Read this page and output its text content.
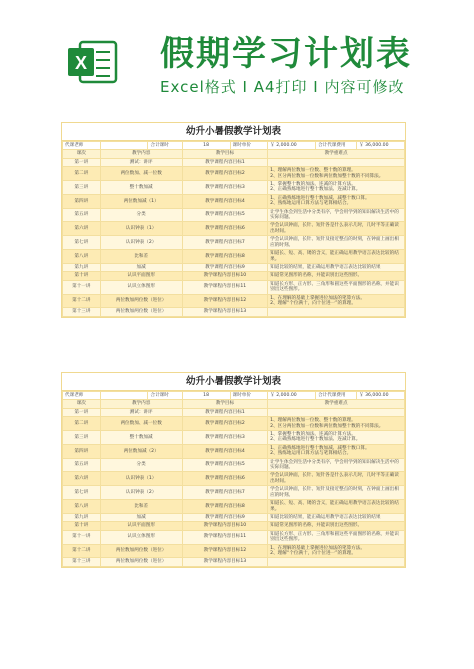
X 假期学习计划表
Excel格式 Ⅰ A4打印 Ⅰ 内容可修改
幼升小暑假教学计划表
代课老师		合计课时	18	课时单价	￥ 2,000.00	合计代课费用	￥ 36,000.00
课次	教学内容		教学目标		教学重难点		
第一讲	测试：讲评		教学课程内容目标1				
第二讲	两位数加、减一位数		教学课程内容目标2		1、理解两位数加一位数、整十数的算理。
2、区分两位数加一位数和两位数加整十数的不同算法。		
第三讲	整十数加减		教学课程内容目标3		1、掌握整十数的加法、连减的计算方法。
2、正确熟练地进行整十数加法、连减计算。		
第四讲	两位数加减（1）		教学课程内容目标4		1、正确熟练地进行整十数加减、减整十数口算。
2、熟练地运用口算方法与笔算相结合。		
第五讲	分类		教学课程内容目标5		让学生体会到生活中分类有序，学会用学到的知识解决生活中的实际问题。		
第六讲	认识钟表（1）		教学课程内容目标6		学会认识钟面，长针、短针各是什么表示几时，几时半等正确读出时间。		
第七讲	认识钟表（2）		教学课程内容目标7		学会认识钟面，长针、短针及接近整点的时刻，在钟面上画出相应的时刻。		
第八讲	比和差		教学课程内容目标8		知道长、短、高、矮的含义，能正确运用教学语言表达比较的结果。		
第九讲	加减		教学课程内容目标9		知道比较的结果，能正确运用教学语言表达比较的结果		
第十讲	认识平面图形		教学课程内容目标10		知道常见图形的名称，并能识别出这些图形。		
第十一讲	认识立体图形		教学课程内容目标11		知道长方形、正方形、三角形和圆这些平面图形的名称，并能识别出这些图形。		
第十二讲	两位数加两位数（进位）		教学课程内容目标12		1、在理解的基础上掌握进位加法的笔算方法。
2、理解“个位满十，向十位进一”的算理。		
第十三讲	两位数加两位数（进位）		教学课程内容目标13				
幼升小暑假教学计划表
代课老师		合计课时	18	课时单价	￥ 2,000.00	合计代课费用	￥ 36,000.00
课次	教学内容		教学目标		教学重难点		
第一讲	测试：讲评		教学课程内容目标1				
第二讲	两位数加、减一位数		教学课程内容目标2		1、理解两位数加一位数、整十数的算理。
2、区分两位数加一位数和两位数加整十数的不同算法。		
第三讲	整十数加减		教学课程内容目标3		1、掌握整十数的加法、连减的计算方法。
2、正确熟练地进行整十数加法、连减计算。		
第四讲	两位数加减（2）		教学课程内容目标4		1、正确熟练地进行整十数加减、减整十数口算。
2、熟练地运用口算方法与笔算相结合。		
第五讲	分类		教学课程内容目标5		让学生体会到生活中分类有序，学会用学到的知识解决生活中的实际问题。		
第六讲	认识钟表（1）		教学课程内容目标6		学会认识钟面，长针、短针各是什么表示几时，几时半等正确读出时间。		
第七讲	认识钟表（2）		教学课程内容目标7		学会认识钟面，长针、短针及接近整点的时刻，在钟面上画出相应的时刻。		
第八讲	比和差		教学课程内容目标8		知道长、短、高、矮的含义，能正确运用教学语言表达比较的结果。		
第九讲	加减		教学课程内容目标9		知道比较的结果，能正确运用教学语言表达比较的结果		
第十讲	认识平面图形		教学课程内容目标10		知道常见图形的名称，并能识别出这些图形。		
第十一讲	认识立体图形		教学课程内容目标11		知道长方形、正方形、三角形和圆这些平面图形的名称，并能识别出这些图形。		
第十二讲	两位数加两位数（进位）		教学课程内容目标12		1、在理解的基础上掌握进位加法的笔算方法。
2、理解“个位满十，向十位进一”的算理。		
第十三讲	两位数加两位数（进位）		教学课程内容目标13				
